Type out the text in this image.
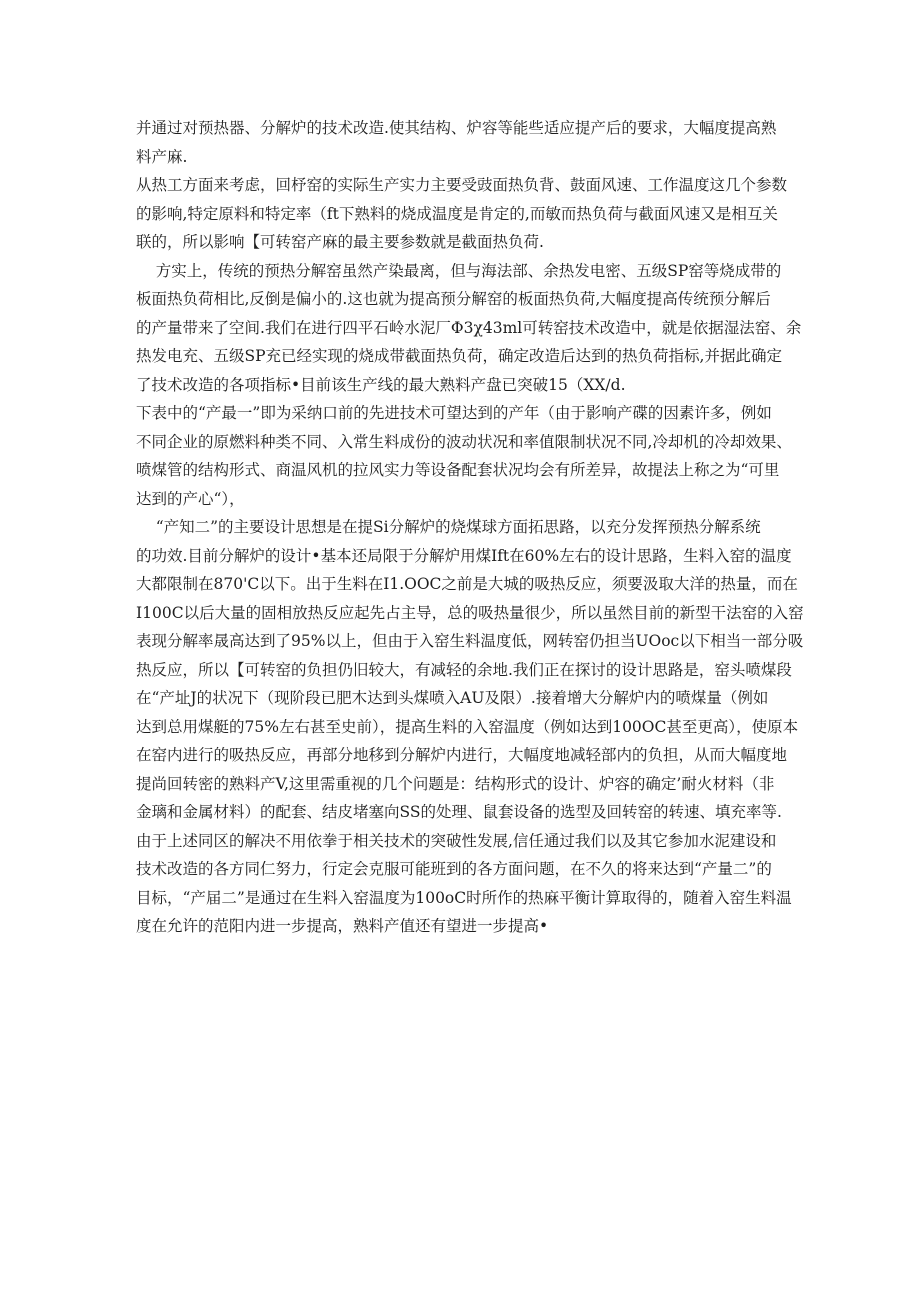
并通过对预热器、分解炉的技术改造.使其结构、炉容等能些适应提产后的要求，大幅度提高熟
料产麻.
从热工方面来考虑，回杼窑的实际生产实力主要受豉面热负背、鼓面风速、工作温度这几个参数
的影响,特定原料和特定率（ft下熟料的烧成温度是肯定的,而敏而热负荷与截面风速又是相互关
联的，所以影响【可转窑产麻的最主要参数就是截面热负荷.
方实上，传统的预热分解窑虽然产染最离，但与海法部、余热发电密、五级SP窑等烧成带的
板面热负荷相比,反倒是偏小的.这也就为提高预分解窑的板面热负荷,大幅度提高传统预分解后
的产量带来了空间.我们在进行四平石岭水泥厂Φ3χ43ml可转窑技术改造中，就是依据湿法窑、余
热发电充、五级SP充已经实现的烧成带截面热负荷，确定改造后达到的热负荷指标,并据此确定
了技术改造的各项指标•目前该生产线的最大熟料产盘已突破15（XX∕d.
下表中的“产最一”即为采纳口前的先进技术可望达到的产年（由于影响产碟的因素许多，例如
不同企业的原燃料种类不同、入常生料成份的波动状况和率值限制状况不同,冷却机的冷却效果、
喷煤管的结构形式、商温风机的拉风实力等设备配套状况均会有所差异，故提法上称之为“可里
达到的产心“），
“产知二”的主要设计思想是在提Si分解炉的烧煤球方面拓思路，以充分发挥预热分解系统
的功效.目前分解炉的设计•基本还局限于分解炉用煤Ift在60%左右的设计思路，生料入窑的温度
大都限制在870'C以下。出于生料在I1.OOC之前是大城的吸热反应，须要汲取大洋的热量，而在
I100C以后大量的固相放热反应起先占主导，总的吸热量很少，所以虽然目前的新型干法窑的入窑
表现分解率晟高达到了95%以上，但由于入窑生料温度低，网转窑仍担当UOoc以下相当一部分吸
热反应，所以【可转窑的负担仍旧较大，有减轻的余地.我们正在探讨的设计思路是，窑头喷煤段
在“产址J的状况下（现阶段已肥木达到头煤喷入AU及限）.接着增大分解炉内的喷煤量（例如
达到总用煤艇的75%左右甚至史前），提高生料的入窑温度（例如达到100OC甚至更高），使原本
在窑内进行的吸热反应，再部分地移到分解炉内进行，大幅度地减轻部内的负担，从而大幅度地
提尚回转密的熟料产V,这里需重视的几个问题是：结构形式的设计、炉容的确定’耐火材料（非
金璃和金属材料）的配套、结皮堵塞向SS的处理、鼠套设备的选型及回转窑的转速、填充率等.
由于上述同区的解决不用依拳于相关技术的突破性发展,信任通过我们以及其它参加水泥建设和
技术改造的各方同仁努力，行定会克服可能班到的各方面问题，在不久的将来达到“产量二”的
目标，“产届二”是通过在生料入窑温度为100oC时所作的热麻平衡计算取得的，随着入窑生料温
度在允许的范阳内进一步提高，熟料产值还有望进一步提高•
